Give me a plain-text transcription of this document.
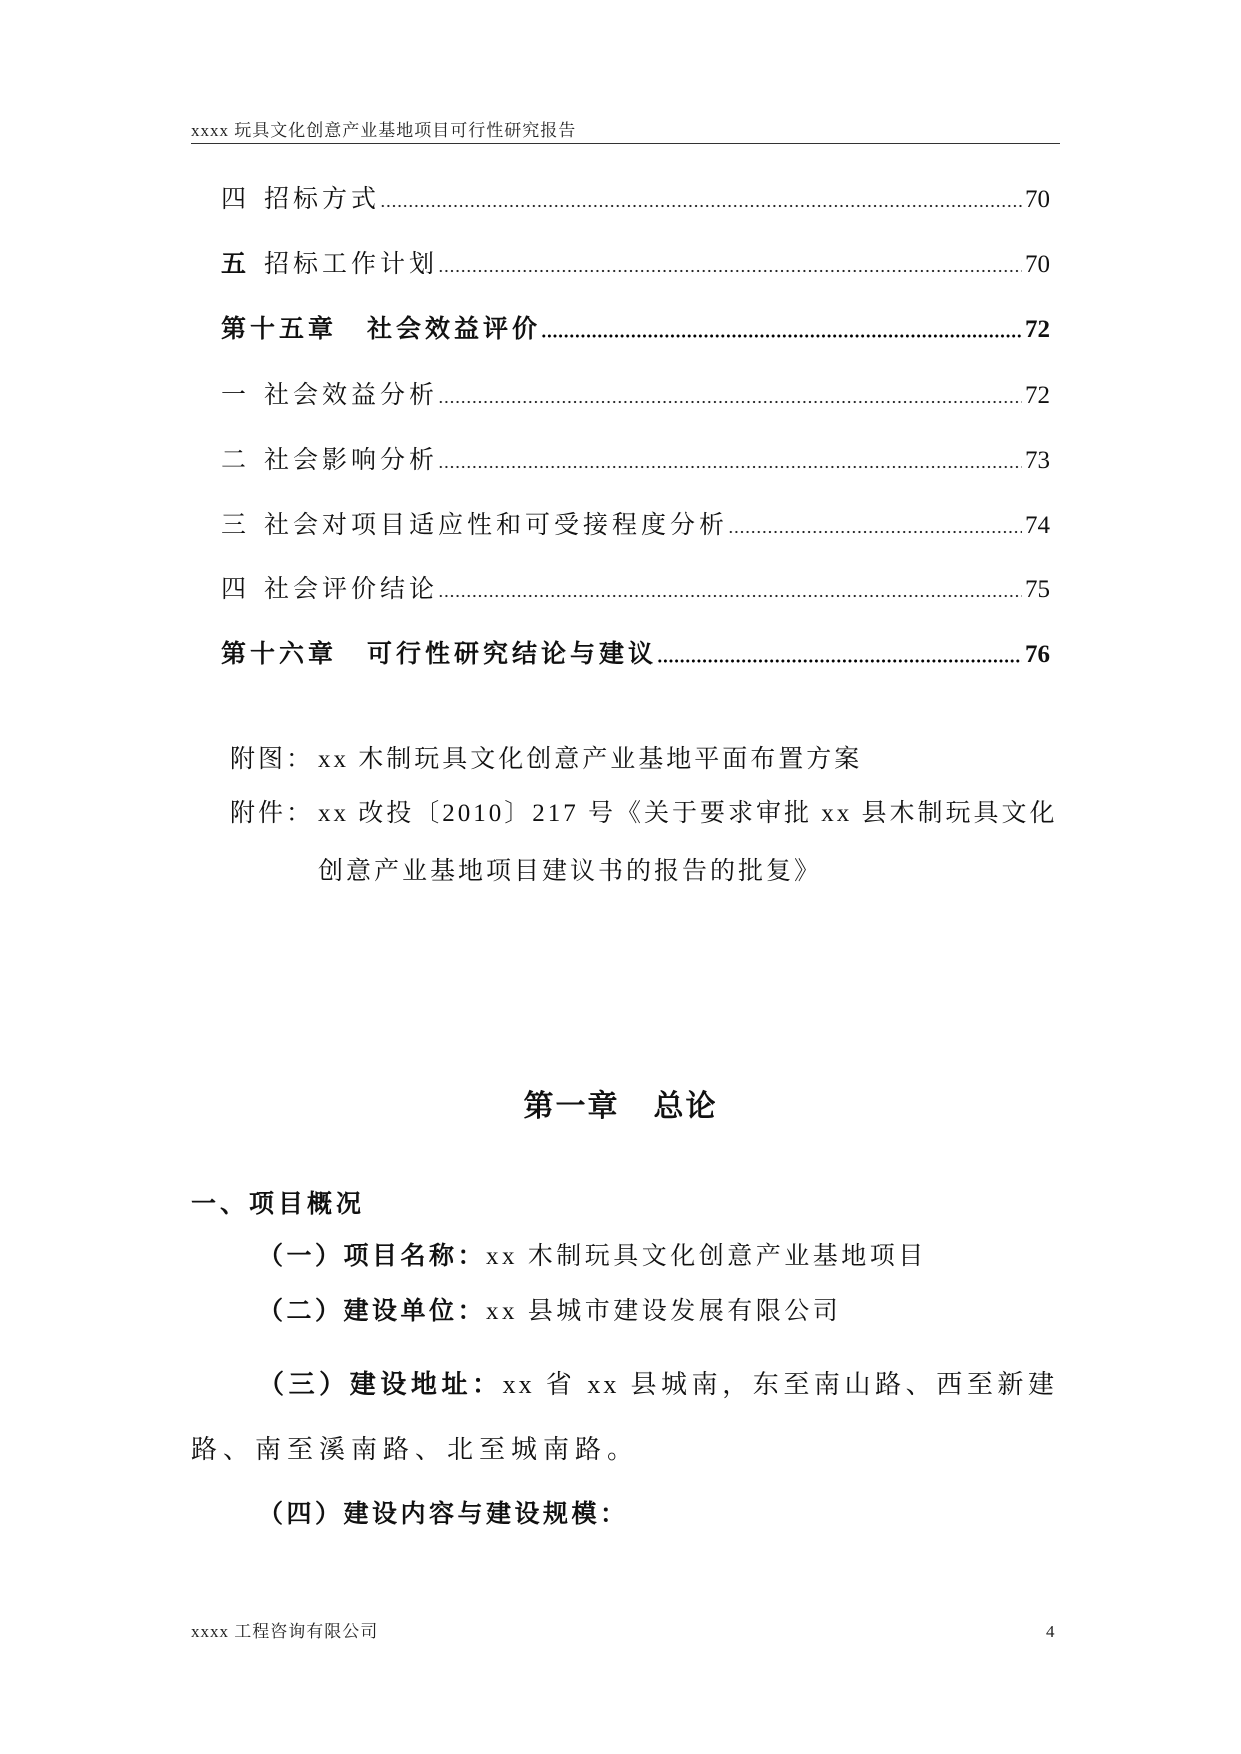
xxxx 玩具文化创意产业基地项目可行性研究报告
四 招标方式	70
五 招标工作计划	70
第十五章 社会效益评价	72
一 社会效益分析	72
二 社会影响分析	73
三 社会对项目适应性和可受接程度分析	74
四 社会评价结论	75
第十六章 可行性研究结论与建议	76
附图： xx 木制玩具文化创意产业基地平面布置方案
附件： xx 改投〔2010〕217 号《关于要求审批 xx 县木制玩具文化
创意产业基地项目建议书的报告的批复》
第一章 总论
一、项目概况
（一）项目名称：xx 木制玩具文化创意产业基地项目
（二）建设单位：xx 县城市建设发展有限公司
（三）建设地址：xx 省 xx 县城南，东至南山路、西至新建
路、南至溪南路、北至城南路。
（四）建设内容与建设规模：
xxxx 工程咨询有限公司	4
